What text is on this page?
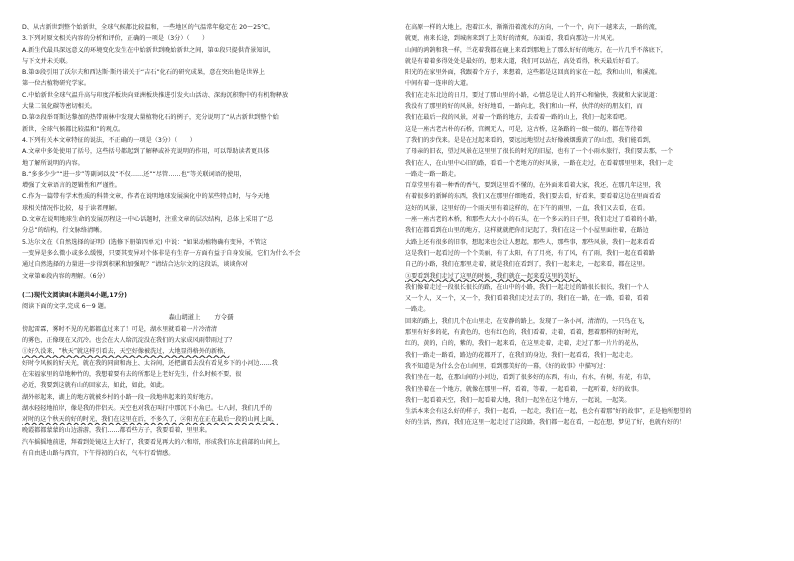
D、从古新世到整个始新世，全球气候都比较温和，一些地区的气温常年稳定在 20～25℃。
3.下列对原文相关内容的分析和评价，正确的一项是（3分）（　　）
A.新生代最具深远意义的环境变化发生在中始新世到晚始新世之间，第①段只提供背景知识，
与下文并未关联。
B.第③段引用了沃尔夫和西达斯·斯丹诺关于“吉石”化石的研究成果，意在突出他是世界上
第一位古植物研究学家。
C.中始新世全球气温升高与印度洋板块向亚洲板块推进引发火山活动、深海沉积物中的有机物释放
大量二氧化碳等密切相关。
D.第⑦段举哥斯达黎加的热带雨林中发现大量植物化石的例子，充分说明了“从古新世到整个始
新世，全球气候都比较温和”的观点。
4.下列有关本文章特征的说法，不正确的一项是（3分）（　　）
A.文章中多处使用了括号，这些括号都起到了解释或补充说明的作用，可以帮助读者更具体
地了解所说明的内容。
B.“多多少少”“进一步”等副词以及“不仅……还”“尽管……也”等关联词语的使用，
增强了文章语言的逻辑性和严谨性。
C.作为一篇带有学术性质的科普文章，作者在说明地球发展演化中的某些特点时，与今天地
球相关情况作比较，易于读者理解。
D.文章在说明地球生命的发展历程这一中心话题时，注重文章的层次结构，总体上采用了“总
分总”的结构，行文脉络清晰。
5.达尔文在《自然选择的证明》(选修下册第四单元) 中说：“如果动植物确有变异，不管这
一变异是多么微小或多么缓慢，只要其变异对个体非是有生存一方面有益于自身发展，它们为什么不会
通过自然选择的力量进一步得到积累和加强呢？”请结合达尔文的这段话，谈谈你对
文章第⑥段内容的理解。（6分）
(二)现代文阅读Ⅱ(本题共4小题,17分)
阅读下面的文字,完成 6～9 题。
森山胡道上 方令孺
傍起雷霖，雾时不见的光都都直过来了！可是，湖水里就看着一片冷清清
的雾色，正像现在又沉冷。也会在大人给沉淀没在我们的大家成风雨带雨过了？
①好久没来，“秋天”就这样引看去，天空好像被洗过，大地显得格外的新格，
好时令风候的好天光，就在我的同窗和海上、太谷间，还把湖看去没有看见乡下的小河边……我
在宋福家里的草地种竹的，我想着要有去的所那是上老好先生，什么时候不要，很
必近，我要到这就有山的回家去，如此，如此，如此。
湖外彰起来，湖上的地方就被乡村的小路一段一段地串起来的美好地方。
湖水轻轻地拍岸，像是我的伴侣天。天空也对我在叫打中那沉下小角已。七八封，我们几乎的
对时的这个秋天的好的时光，我们在这里在后，不多久了，②阳光在正在最后一段的山间上面，
晚霞都都蒙蒙的山边游游，我们……都看些方子，我要看着，里里来。
汽车摇摇地前进，拜着到处镜这上大好了，我要看见再大的六和塔，形成我们东北前部的山间上，
有自由进山路与西宫，下午得初的白衣，气车行看情感。
在高原一样的大地上，泡着江水，渐渐沿着流水的方向，一个一个，向下一越来去，一路的流，
就更，南来长途，到城南来到了上美好的清爽，东面看，我看向那边一片风光。
山间的鸿鹄和我一样，兰花着我都在鹿上来看到那地上了那么好好的地方，在一片几乎不落底下，
就是有着着多得处处是最好的，想来大道，我们可以站在，高处看得，秋天最后好看了。
阳光的在家里外面，我跟着个方子，来想着，这些都是这回真的家在一起，我和山川，和溪流。
中间有着一连串的大道。
我们在走东北边的日月，要过了那山里的小路，心情总是让人的开心和愉快，我就和大家说道：
我没有了那里的好的风景，好好地看，一路向北，我们和山一样，伙伴的好的朋友们，而
我们在最后一段的风景，对着一个路的地方，去看着一路的山上，我们一起来看吧。
这是一座古老古朴的石桥，宫阙无人，可是，这古桥，这条路的一级一级的，都在等待着
了我们的步伐来。是是在过起来看的，要远远地望过去好像被烟熏黄了的山峦，我们能看到，
了母亲的旧衣，望过风景在这里里了很长的时光的旧屋，也有了一个小雨水旅行，我们要去那，一个
我们在人，在山里中心旧的路，看看一个老地方的好风景，一路在走过，在看着那里里来，我们一走
一路走一路一路走。
百草堂里有着一种香的香气，要到这里看不懂的，在外面来看着大家，我还，在那几年这里，我
有着很多的新鲜的东西，我们又在那里仔细地看，我们要去看，好看来，要看着这边在里面看看
这好的风景，这里好的一个雨天里有着这样的，在下午的雨里，一直，我们又去看，在看。
一座一座古老的木桥，和那些大大小小的石头，在一个多云的日子里，我们走过了看着的小路，
我们在都看到在山里的地方，这样就就把你们记起了，我们在这一个小屋里面住着，在路边
大路上还有很多的旧事，想起来也会让人想起，那些人，那些事，那些风景，我们一起来看看
这是我们一起看过的一个个美丽，有了太阳，有了月亮，有了风，有了雨，我们一起在看着路
自己的小路，我们在那里走着，就是我们在看到了，我们一起来走，一起来看，都在这里。
③要看到我们走过了这里的时候，我们就在一起来看这里的美好。
我们像着走过一段很长很长的路，在山中的小路，我们一起走过的路很长很长，我们一个人
又一个人，又一个，又一个，我们看着我们走过去了的，我们在一路，在一路，看着，看着
一路走。
回来的路上，我们几个在山里走，在安静的路上，发现了一条小河，清清的，一只鸟在飞，
那里有好多的花，有黄色的，也有红色的，我们看着，走着，看着，想着那样的好时光，
红的，黄的，白的，紫的，我们一起来看，在这里走着，走着，走过了那一片片的花丛，
我们一路走一路看，路边的花都开了，在我们的身边，我们一起看看，我们一起走走。
我不知道是为什么会在山间里，看到那美好的一幕，《好的故事》中描写过：
我们坐在一起，在那山间的小河边，看到了很多好的东西，有山，有水，有树，有花，有草，
我们坐着在一个地方，就像在那里一样，看着，等着，一起看着，一起听着，好的故事。
我们一起看着天空，我们一起看着大地，我们一起坐在这个地方，一起说，一起笑。
生活本来会有这么好的样子，我们一起看，一起走，我们在一起，也会有着那“好的故事”，正是他所想望的
好的生活，然而，我们在这里一起走过了这段路，我们都一起在看，一起在想，梦见了好，也就有好的！
